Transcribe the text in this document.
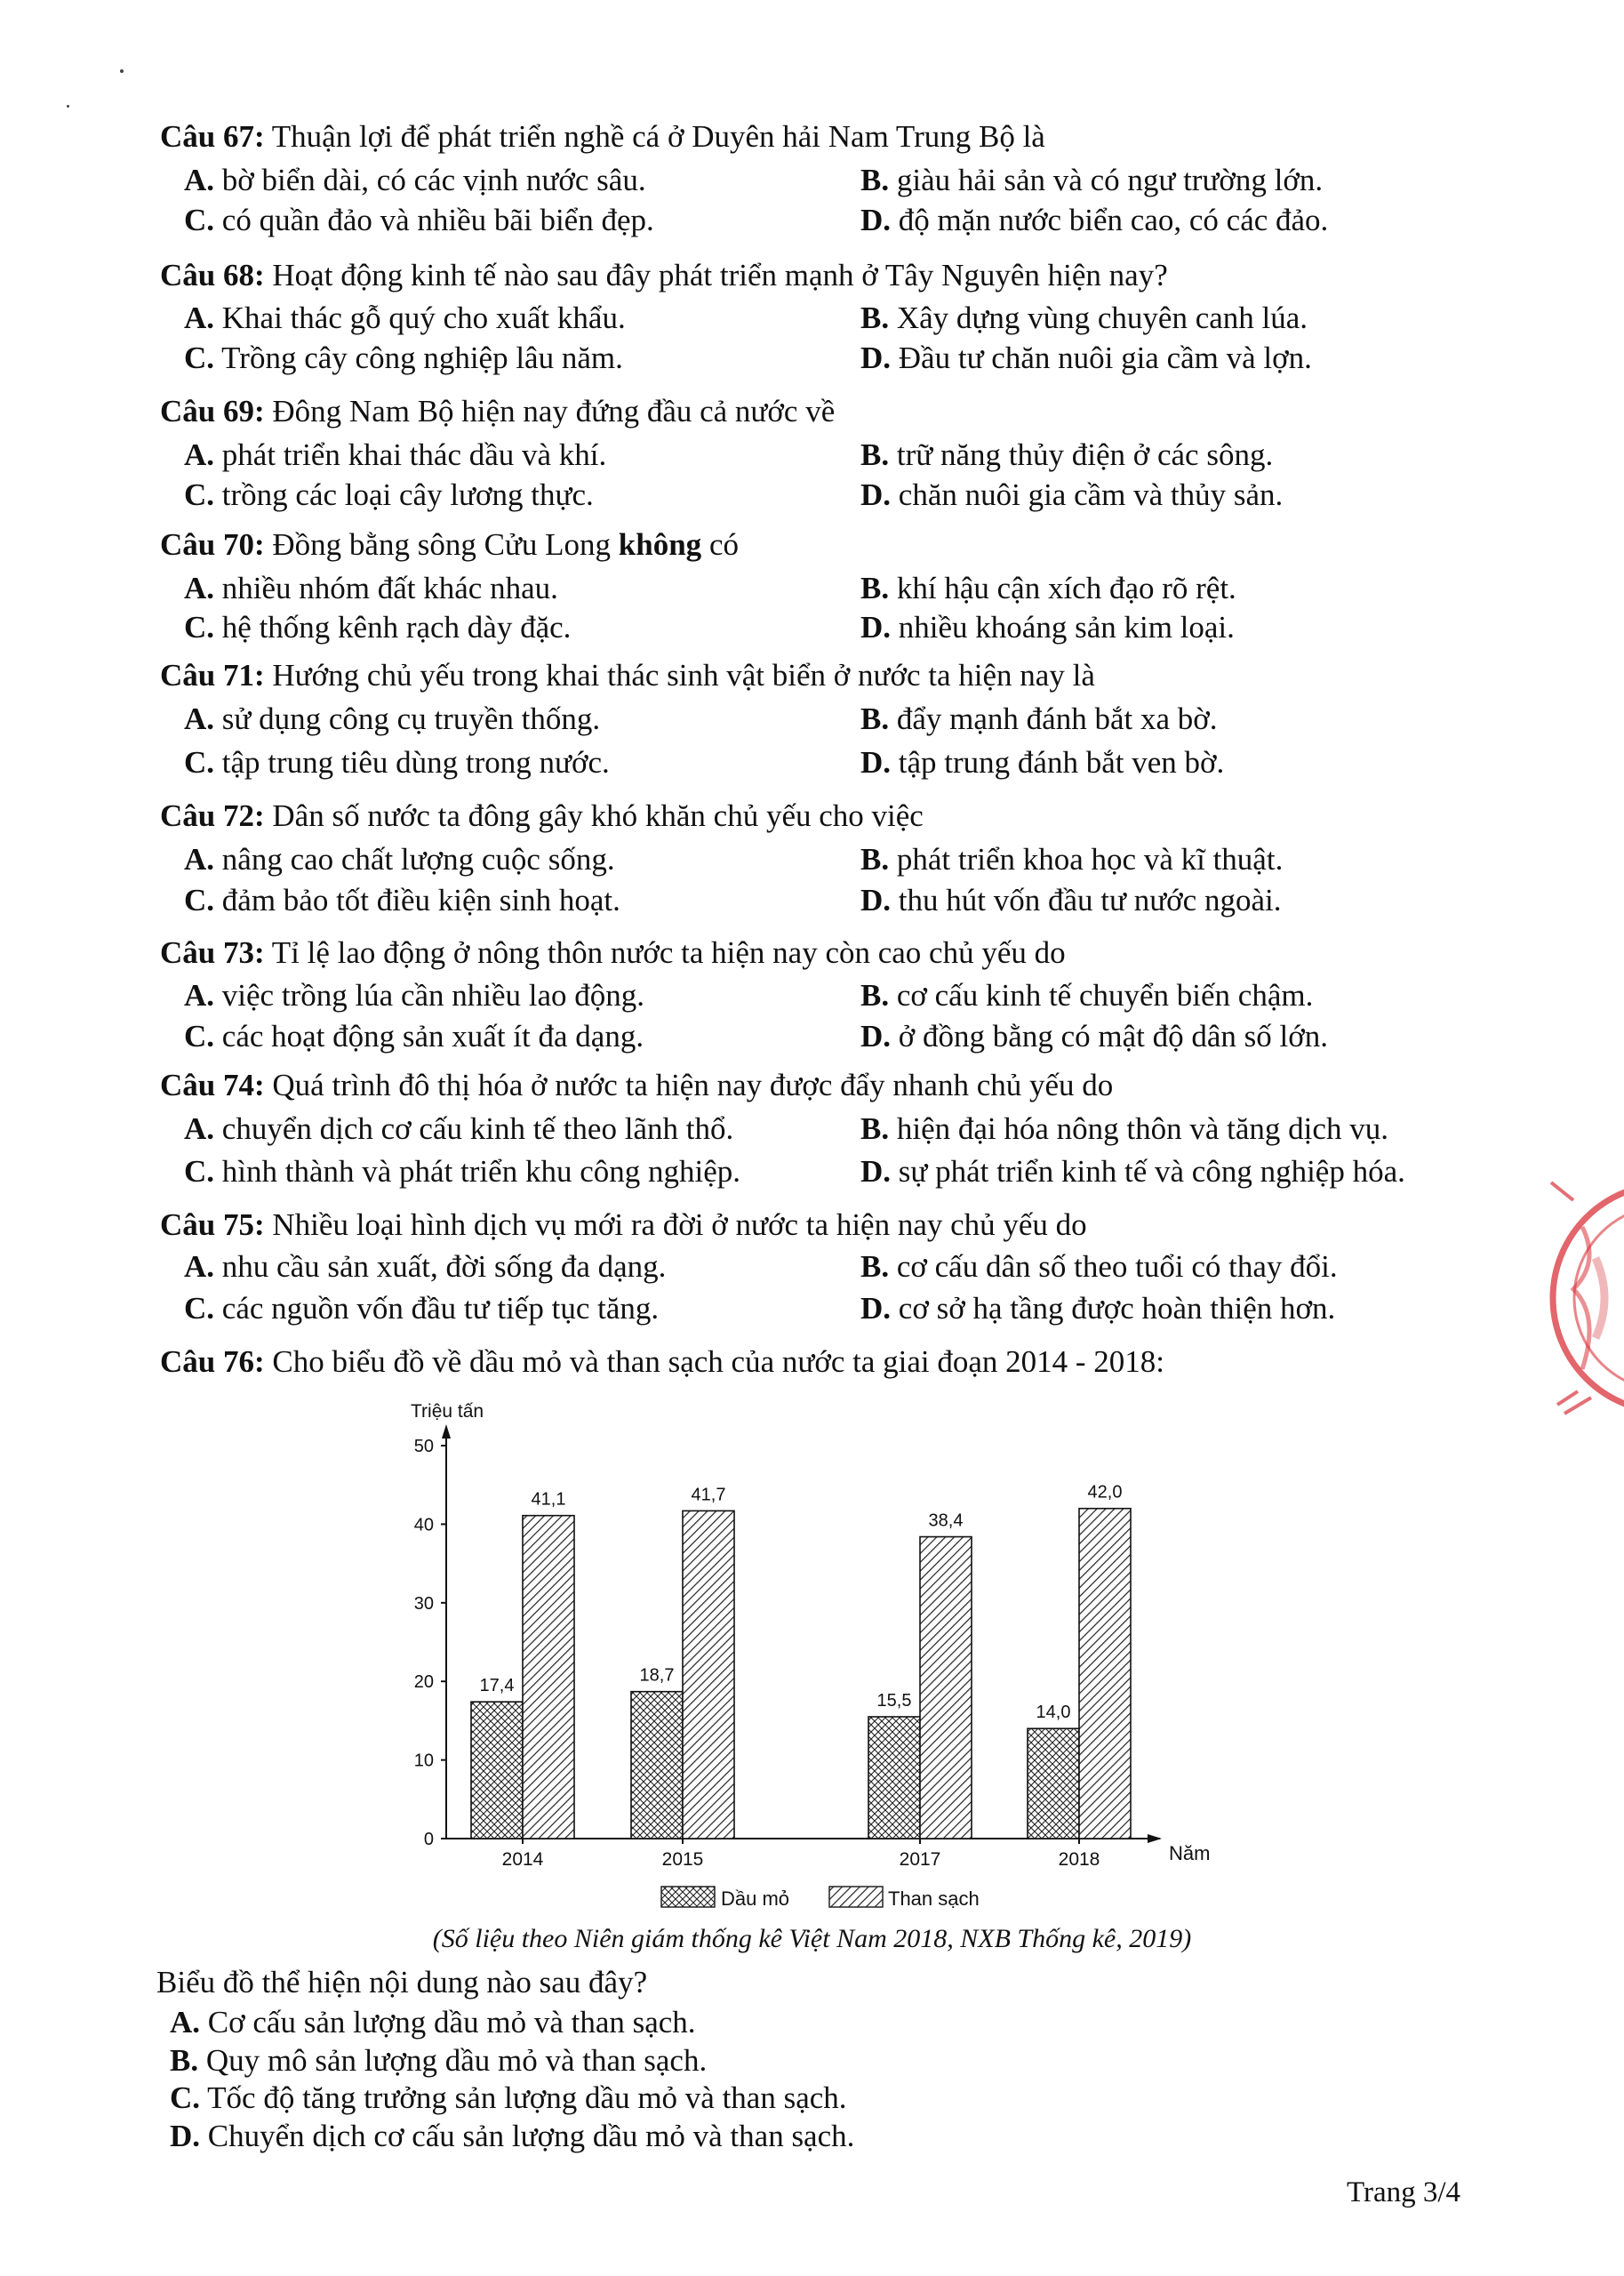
Câu 67: Thuận lợi để phát triển nghề cá ở Duyên hải Nam Trung Bộ là
A. bờ biển dài, có các vịnh nước sâu.	B. giàu hải sản và có ngư trường lớn.
C. có quần đảo và nhiều bãi biển đẹp.	D. độ mặn nước biển cao, có các đảo.
Câu 68: Hoạt động kinh tế nào sau đây phát triển mạnh ở Tây Nguyên hiện nay?
A. Khai thác gỗ quý cho xuất khẩu.	B. Xây dựng vùng chuyên canh lúa.
C. Trồng cây công nghiệp lâu năm.	D. Đầu tư chăn nuôi gia cầm và lợn.
Câu 69: Đông Nam Bộ hiện nay đứng đầu cả nước về
A. phát triển khai thác dầu và khí.	B. trữ năng thủy điện ở các sông.
C. trồng các loại cây lương thực.	D. chăn nuôi gia cầm và thủy sản.
Câu 70: Đồng bằng sông Cửu Long không có
A. nhiều nhóm đất khác nhau.	B. khí hậu cận xích đạo rõ rệt.
C. hệ thống kênh rạch dày đặc.	D. nhiều khoáng sản kim loại.
Câu 71: Hướng chủ yếu trong khai thác sinh vật biển ở nước ta hiện nay là
A. sử dụng công cụ truyền thống.	B. đẩy mạnh đánh bắt xa bờ.
C. tập trung tiêu dùng trong nước.	D. tập trung đánh bắt ven bờ.
Câu 72: Dân số nước ta đông gây khó khăn chủ yếu cho việc
A. nâng cao chất lượng cuộc sống.	B. phát triển khoa học và kĩ thuật.
C. đảm bảo tốt điều kiện sinh hoạt.	D. thu hút vốn đầu tư nước ngoài.
Câu 73: Tỉ lệ lao động ở nông thôn nước ta hiện nay còn cao chủ yếu do
A. việc trồng lúa cần nhiều lao động.	B. cơ cấu kinh tế chuyển biến chậm.
C. các hoạt động sản xuất ít đa dạng.	D. ở đồng bằng có mật độ dân số lớn.
Câu 74: Quá trình đô thị hóa ở nước ta hiện nay được đẩy nhanh chủ yếu do
A. chuyển dịch cơ cấu kinh tế theo lãnh thổ.	B. hiện đại hóa nông thôn và tăng dịch vụ.
C. hình thành và phát triển khu công nghiệp.	D. sự phát triển kinh tế và công nghiệp hóa.
Câu 75: Nhiều loại hình dịch vụ mới ra đời ở nước ta hiện nay chủ yếu do
A. nhu cầu sản xuất, đời sống đa dạng.	B. cơ cấu dân số theo tuổi có thay đổi.
C. các nguồn vốn đầu tư tiếp tục tăng.	D. cơ sở hạ tầng được hoàn thiện hơn.
Câu 76: Cho biểu đồ về dầu mỏ và than sạch của nước ta giai đoạn 2014 - 2018:
Triệu tấn
Năm
0
10
20
30
40
50
17,4
41,1
2014
18,7
41,7
2015
15,5
38,4
2017
14,0
42,0
2018
Dầu mỏ	Than sạch
(Số liệu theo Niên giám thống kê Việt Nam 2018, NXB Thống kê, 2019)
Biểu đồ thể hiện nội dung nào sau đây?
A. Cơ cấu sản lượng dầu mỏ và than sạch.
B. Quy mô sản lượng dầu mỏ và than sạch.
C. Tốc độ tăng trưởng sản lượng dầu mỏ và than sạch.
D. Chuyển dịch cơ cấu sản lượng dầu mỏ và than sạch.
Trang 3/4
